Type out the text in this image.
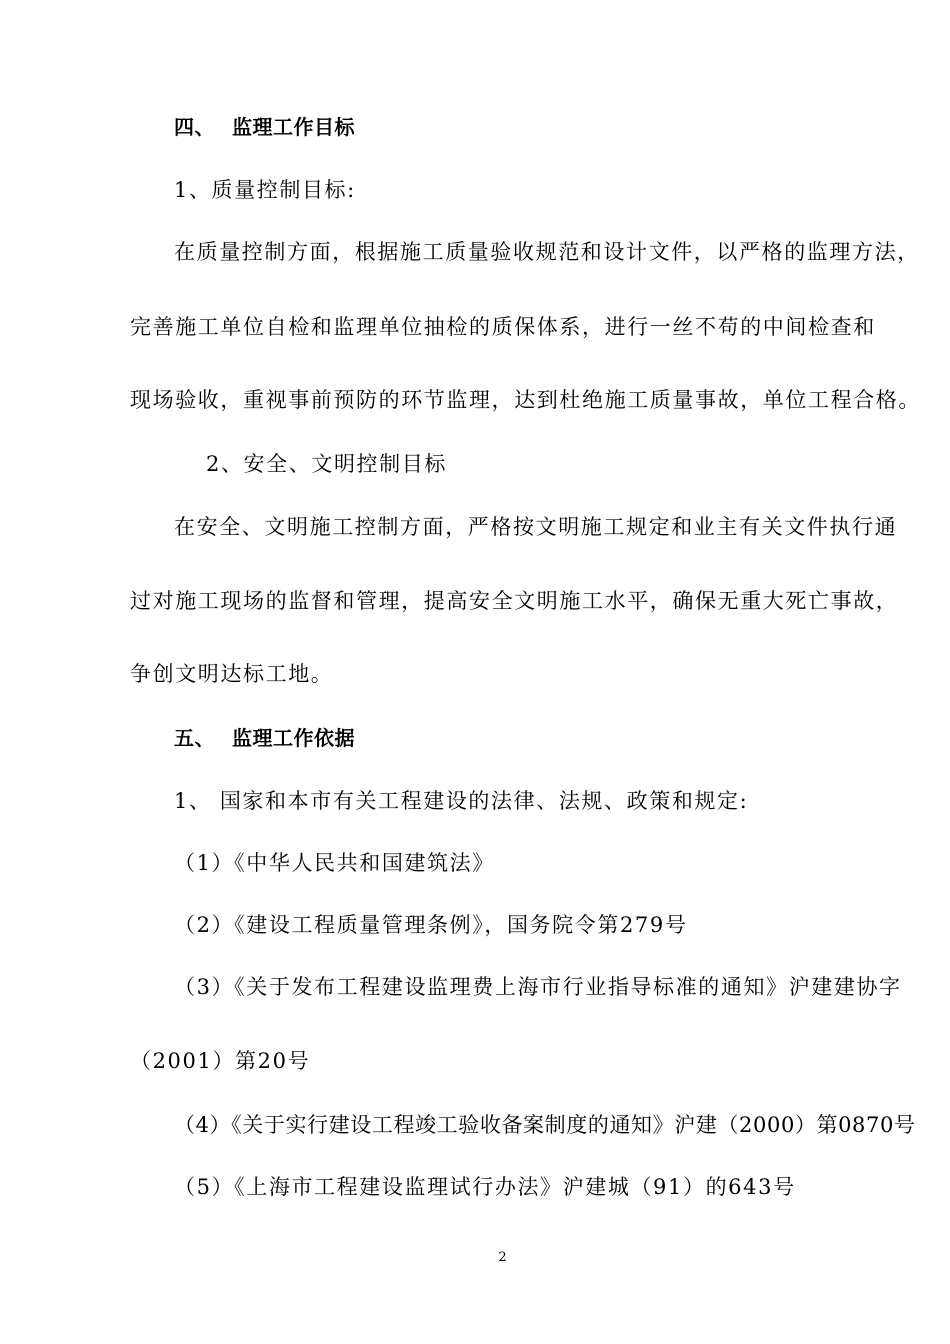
四、 监理工作目标
1、质量控制目标:
在质量控制方面，根据施工质量验收规范和设计文件，以严格的监理方法，
完善施工单位自检和监理单位抽检的质保体系，进行一丝不苟的中间检查和
现场验收，重视事前预防的环节监理，达到杜绝施工质量事故，单位工程合格。
2、安全、文明控制目标
在安全、文明施工控制方面，严格按文明施工规定和业主有关文件执行通
过对施工现场的监督和管理，提高安全文明施工水平，确保无重大死亡事故，
争创文明达标工地。
五、 监理工作依据
1、 国家和本市有关工程建设的法律、法规、政策和规定:
（1）《中华人民共和国建筑法》
（2）《建设工程质量管理条例》，国务院令第279号
（3）《关于发布工程建设监理费上海市行业指导标准的通知》沪建建协字
（2001）第20号
（4）《关于实行建设工程竣工验收备案制度的通知》沪建（2000）第0870号
（5）《上海市工程建设监理试行办法》沪建城（91）的643号
2
